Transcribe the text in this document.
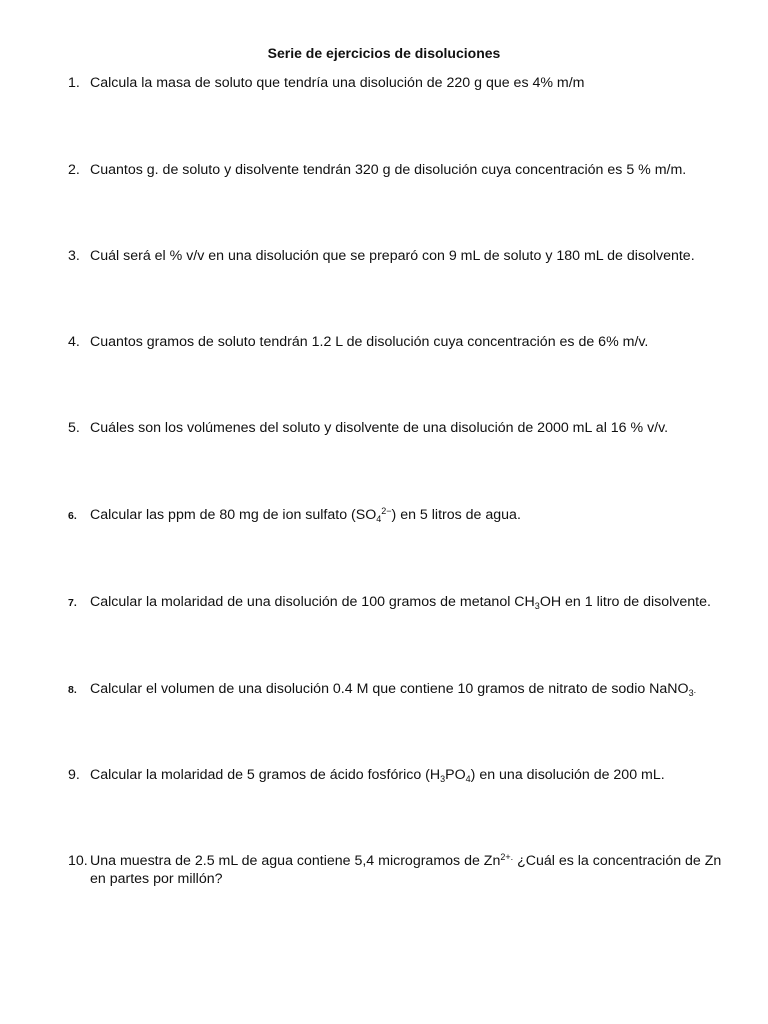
Serie de ejercicios de disoluciones
1. Calcula la masa de soluto que tendría una disolución de 220 g que es 4% m/m
2. Cuantos g. de soluto y disolvente tendrán 320 g de disolución cuya concentración es 5 % m/m.
3. Cuál será el % v/v en una disolución que se preparó con 9 mL de soluto y 180 mL de disolvente.
4. Cuantos gramos de soluto tendrán 1.2 L de disolución cuya concentración es de 6% m/v.
5. Cuáles son los volúmenes del soluto y disolvente de una disolución de 2000 mL al 16 % v/v.
6. Calcular las ppm de 80 mg de ion sulfato $(SO_4^{2-})$ en 5 litros de agua.
7. Calcular la molaridad de una disolución de 100 gramos de metanol $CH_3OH$ en 1 litro de disolvente.
8. Calcular el volumen de una disolución 0.4 M que contiene 10 gramos de nitrato de sodio NaNO$_3$.
9. Calcular la molaridad de 5 gramos de ácido fosfórico $(H_3PO_4)$ en una disolución de 200 mL.
10. Una muestra de 2.5 mL de agua contiene 5,4 microgramos de $Zn^{2+.}$ ¿Cuál es la concentración de Zn en partes por millón?
